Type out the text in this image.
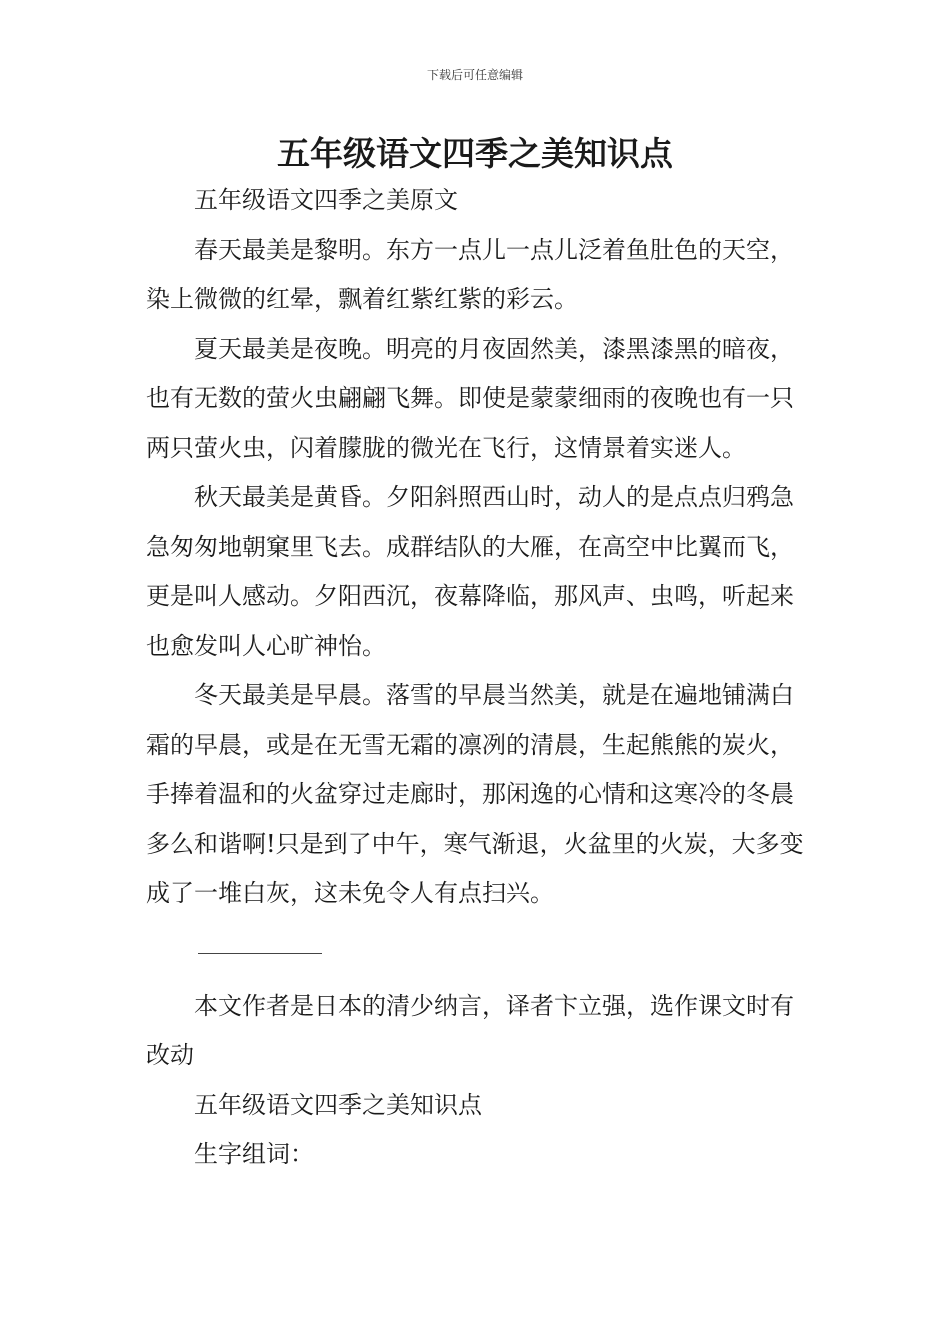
下载后可任意编辑
五年级语文四季之美知识点

五年级语文四季之美原文

春天最美是黎明。东方一点儿一点儿泛着鱼肚色的天空，染上微微的红晕，飘着红紫红紫的彩云。

夏天最美是夜晚。明亮的月夜固然美，漆黑漆黑的暗夜，也有无数的萤火虫翩翩飞舞。即使是蒙蒙细雨的夜晚也有一只两只萤火虫，闪着朦胧的微光在飞行，这情景着实迷人。

秋天最美是黄昏。夕阳斜照西山时，动人的是点点归鸦急急匆匆地朝窠里飞去。成群结队的大雁，在高空中比翼而飞，更是叫人感动。夕阳西沉，夜幕降临，那风声、虫鸣，听起来也愈发叫人心旷神怡。

冬天最美是早晨。落雪的早晨当然美，就是在遍地铺满白霜的早晨，或是在无雪无霜的凛冽的清晨，生起熊熊的炭火，手捧着温和的火盆穿过走廊时，那闲逸的心情和这寒冷的冬晨多么和谐啊!只是到了中午，寒气渐退，火盆里的火炭，大多变成了一堆白灰，这未免令人有点扫兴。

本文作者是日本的清少纳言，译者卞立强，选作课文时有改动

五年级语文四季之美知识点

生字组词：
